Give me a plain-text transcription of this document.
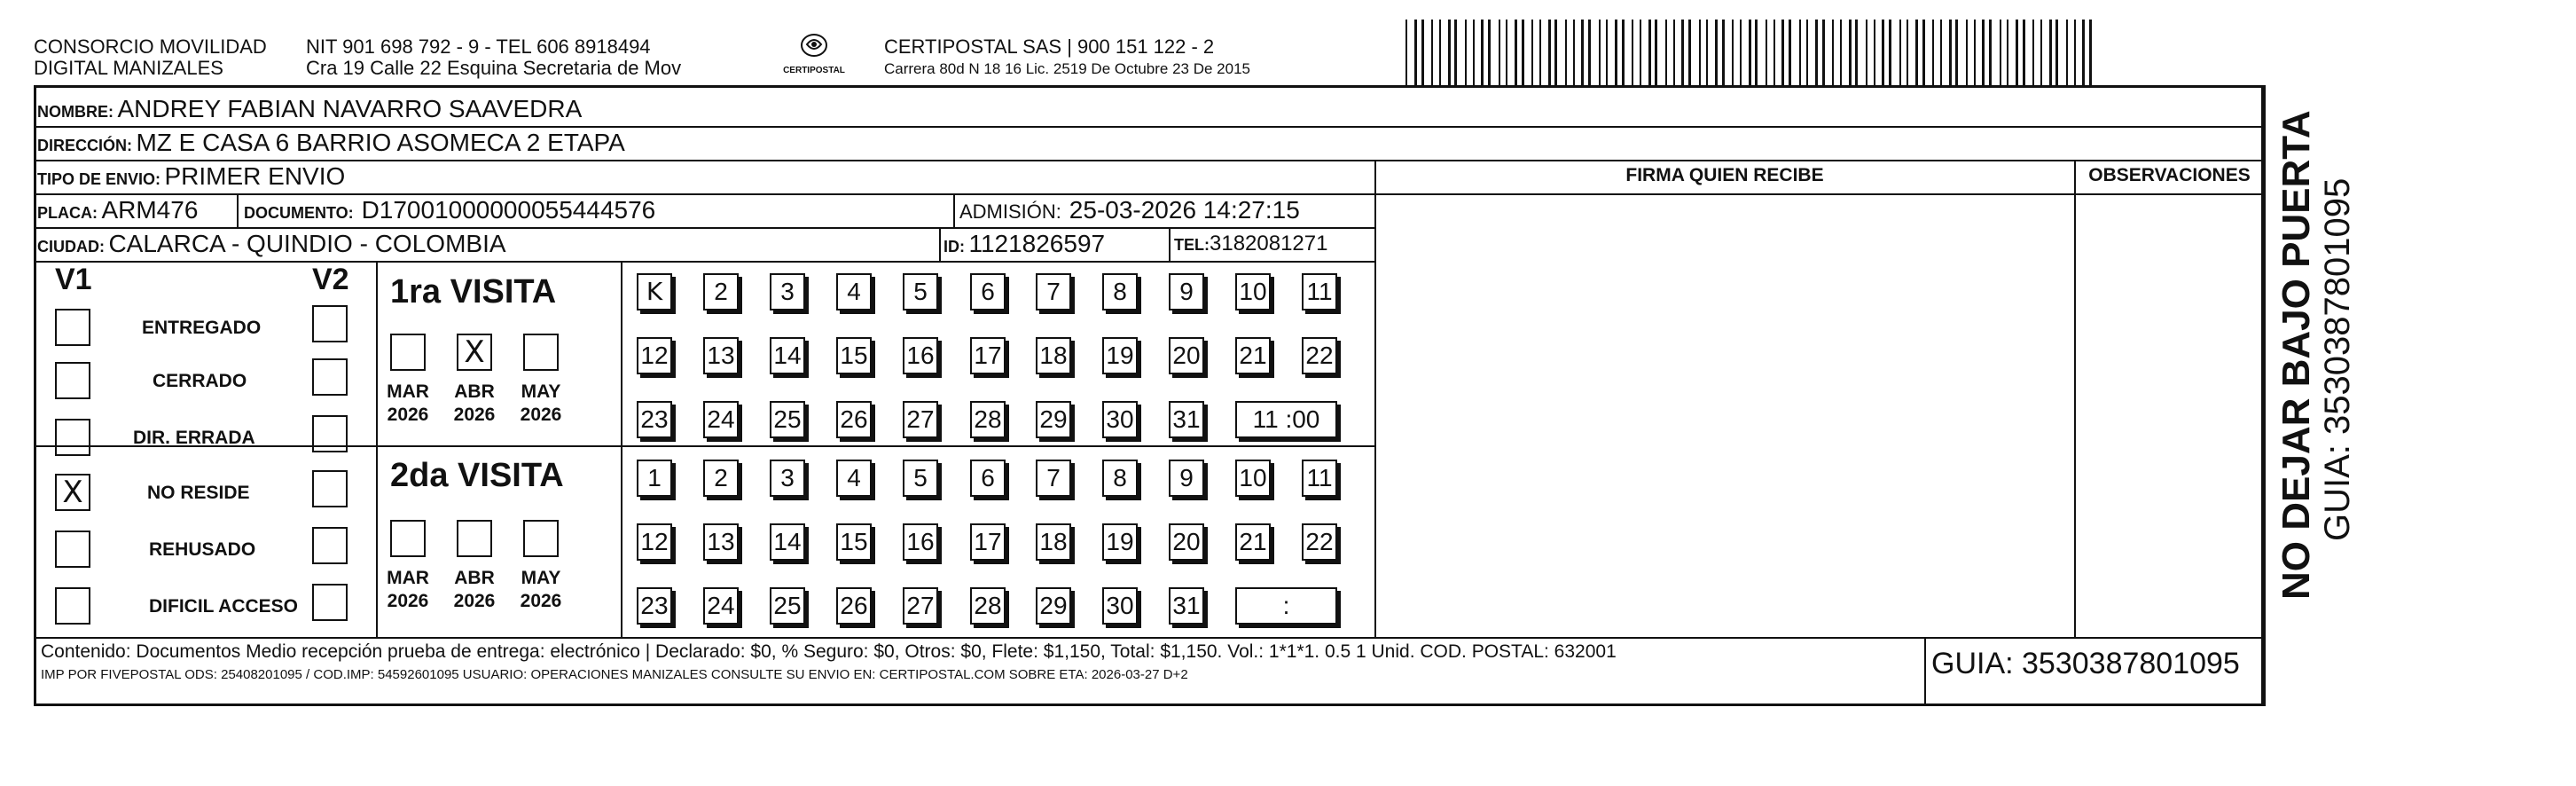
CONSORCIO MOVILIDAD
DIGITAL MANIZALES
NIT 901 698 792 - 9 - TEL 606 8918494
Cra 19 Calle 22 Esquina Secretaria de Mov	CERTIPOSTAL
CERTIPOSTAL SAS | 900 151 122 - 2
Carrera 80d N 18 16 Lic. 2519 De Octubre 23 De 2015
NOMBRE: ANDREY FABIAN NAVARRO SAAVEDRA
DIRECCIÓN: MZ E CASA 6 BARRIO ASOMECA 2 ETAPA
TIPO DE ENVIO: PRIMER ENVIO
PLACA: ARM476	DOCUMENTO: D17001000000055444576	ADMISIÓN: 25-03-2026 14:27:15
CIUDAD: CALARCA - QUINDIO - COLOMBIA	ID: 1121826597	TEL:3182081271
FIRMA QUIEN RECIBE	OBSERVACIONES
V1	V2
ENTREGADO
CERRADO
DIR. ERRADA
X	NO RESIDE
REHUSADO
DIFICIL ACCESO
1ra VISITA
2da VISITA
K	2	3	4	5	6	7	8	9	10 11
12 13 14 15 16 17 18 19 20 21 22
23 24 25 26 27 28 29 30 31	11 :00
MAR
2026
X
ABR
2026
MAY
2026
1	2	3	4	5	6	7	8	9	10 11
12 13 14 15 16 17 18 19 20 21 22
23 24 25 26 27 28 29 30 31	:
MAR
2026
ABR
2026
MAY
2026
Contenido: Documentos Medio recepción prueba de entrega: electrónico | Declarado: $0, % Seguro: $0, Otros: $0, Flete: $1,150, Total: $1,150. Vol.: 1*1*1. 0.5 1 Unid. COD. POSTAL: 632001
IMP POR FIVEPOSTAL ODS: 25408201095 / COD.IMP: 54592601095 USUARIO: OPERACIONES MANIZALES CONSULTE SU ENVIO EN: CERTIPOSTAL.COM SOBRE ETA: 2026-03-27 D+2	GUIA: 3530387801095
NO DEJAR BAJO PUERTA GUIA: 3530387801095
